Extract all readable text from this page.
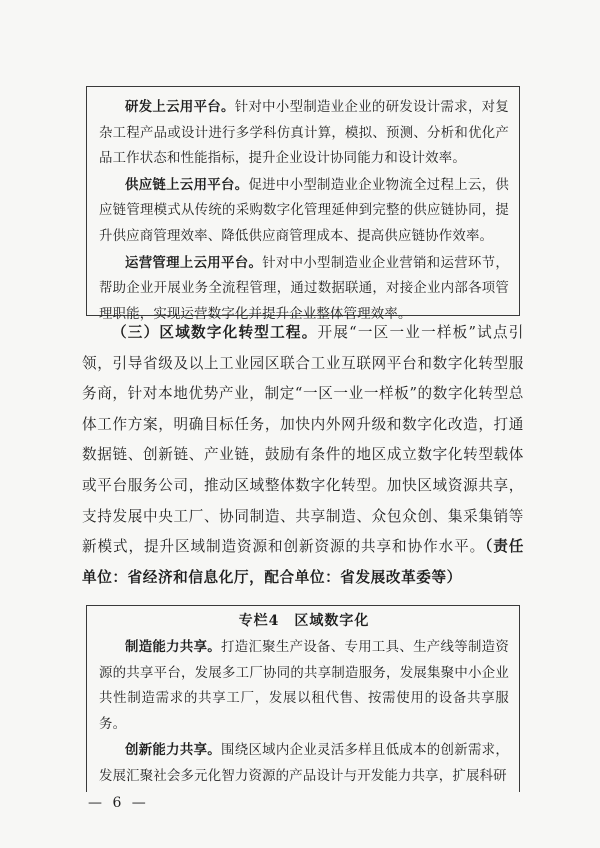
研发上云用平台。针对中小型制造业企业的研发设计需求，对复杂工程产品或设计进行多学科仿真计算，模拟、预测、分析和优化产品工作状态和性能指标，提升企业设计协同能力和设计效率。

供应链上云用平台。促进中小型制造业企业物流全过程上云，供应链管理模式从传统的采购数字化管理延伸到完整的供应链协同，提升供应商管理效率、降低供应商管理成本、提高供应链协作效率。

运营管理上云用平台。针对中小型制造业企业营销和运营环节，帮助企业开展业务全流程管理，通过数据联通，对接企业内部各项管理职能，实现运营数字化并提升企业整体管理效率。

（三）区域数字化转型工程。开展“一区一业一样板”试点引领，引导省级及以上工业园区联合工业互联网平台和数字化转型服务商，针对本地优势产业，制定“一区一业一样板”的数字化转型总体工作方案，明确目标任务，加快内外网升级和数字化改造，打通数据链、创新链、产业链，鼓励有条件的地区成立数字化转型载体或平台服务公司，推动区域整体数字化转型。加快区域资源共享，支持发展中央工厂、协同制造、共享制造、众包众创、集采集销等新模式，提升区域制造资源和创新资源的共享和协作水平。（责任单位：省经济和信息化厅，配合单位：省发展改革委等）

专栏4　区域数字化

制造能力共享。打造汇聚生产设备、专用工具、生产线等制造资源的共享平台，发展多工厂协同的共享制造服务，发展集聚中小企业共性制造需求的共享工厂，发展以租代售、按需使用的设备共享服务。

创新能力共享。围绕区域内企业灵活多样且低成本的创新需求，发展汇聚社会多元化智力资源的产品设计与开发能力共享，扩展科研

— 6 —
